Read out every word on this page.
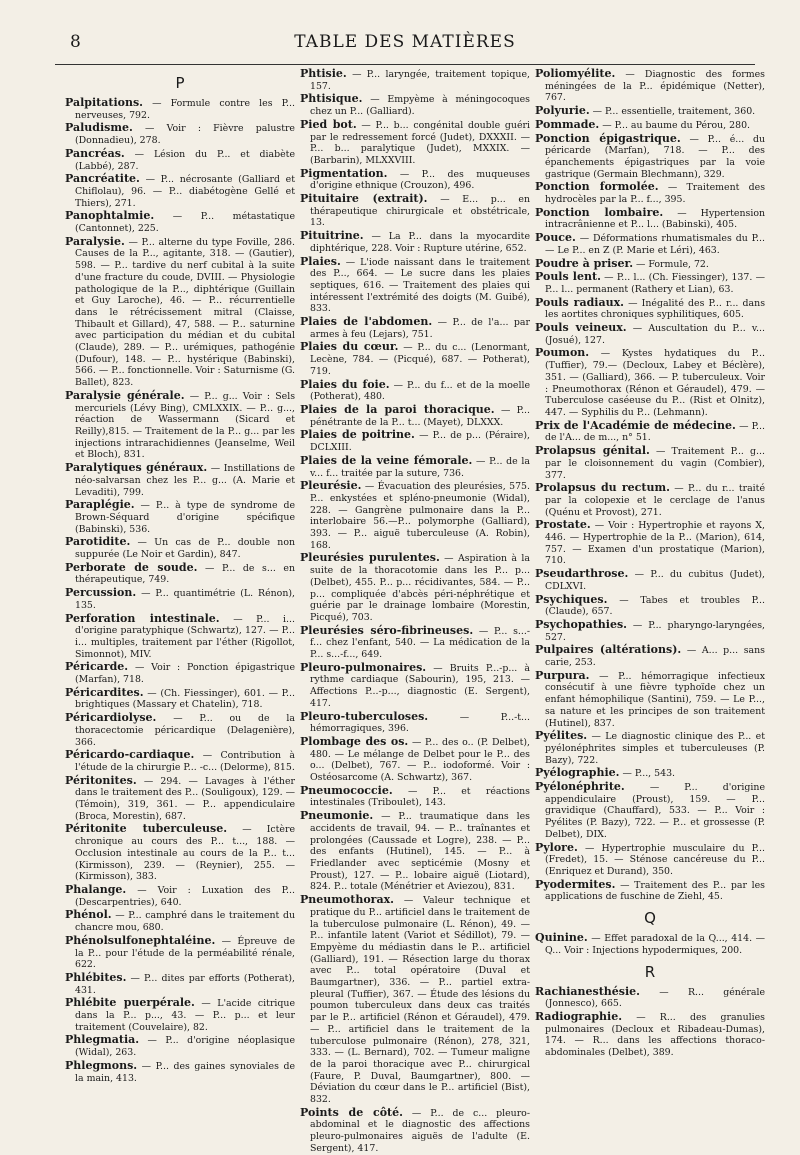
8	TABLE DES MATIÈRES
P

Palpitations. — Formule contre les P... nerveuses, 792.

Paludisme. — Voir : Fièvre palustre (Donnadieu), 278.

Pancréas. — Lésion du P... et diabète (Labbé), 287.

Pancréatite. — P... nécrosante (Galliard et Chiflolau), 96. — P... diabétogène Gellé et Thiers), 271.

Panophtalmie. — P... métastatique (Cantonnet), 225.

Paralysie. — P... alterne du type Foville, 286. Causes de la P..., agitante, 318. — (Gautier), 598. — P... tardive du nerf cubital à la suite d'une fracture du coude, DVIII. — Physiologie pathologique de la P..., diphtérique (Guillain et Guy Laroche), 46. — P... récurrentielle dans le rétrécissement mitral (Claisse, Thibault et Gillard), 47, 588. — P... saturnine avec participation du médian et du cubital (Claude), 289. — P... urémiques, pathogénie (Dufour), 148. — P... hystérique (Babinski), 566. — P... fonctionnelle. Voir : Saturnisme (G. Ballet), 823.

Paralysie générale. — P... g... Voir : Sels mercuriels (Lévy Bing), CMLXXIX. — P... g..., réaction de Wassermann (Sicard et Reilly),815. — Traitement de la P... g... par les injections intrarachidiennes (Jeanselme, Weil et Bloch), 831.

Paralytiques généraux. — Instillations de néo-salvarsan chez les P... g... (A. Marie et Levaditi), 799.

Paraplégie. — P... à type de syndrome de Brown-Séquard d'origine spécifique (Babinski), 536.

Parotidite. — Un cas de P... double non suppurée (Le Noir et Gardin), 847.

Perborate de soude. — P... de s... en thérapeutique, 749.

Percussion. — P... quantimétrie (L. Rénon), 135.

Perforation intestinale. — P... i... d'origine paratyphique (Schwartz), 127. — P... i... multiples, traitement par l'éther (Rigollot, Simonnot), MIV.

Péricarde. — Voir : Ponction épigastrique (Marfan), 718.

Péricardites. — (Ch. Fiessinger), 601. — P... brightiques (Massary et Chatelin), 718.

Péricardiolyse. — P... ou de la thoracectomie péricardique (Delagenière), 366.

Péricardo-cardiaque. — Contribution à l'étude de la chirurgie P... -c... (Delorme), 815.

Péritonites. — 294. — Lavages à l'éther dans le traitement des P... (Souligoux), 129. — (Témoin), 319, 361. — P... appendiculaire (Broca, Morestin), 687.

Péritonite tuberculeuse. — Ictère chronique au cours des P... t..., 188. — Occlusion intestinale au cours de la P... t... (Kirmisson), 239. — (Reynier), 255. — (Kirmisson), 383.

Phalange. — Voir : Luxation des P... (Descarpentries), 640.

Phénol. — P... camphré dans le traitement du chancre mou, 680.

Phénolsulfonephtaléine. — Épreuve de la P... pour l'étude de la perméabilité rénale, 622.

Phlébites. — P... dites par efforts (Potherat), 431.

Phlébite puerpérale. — L'acide citrique dans la P... p..., 43. — P... p... et leur traitement (Couvelaire), 82.

Phlegmatia. — P... d'origine néoplasique (Widal), 263.

Phlegmons. — P... des gaines synoviales de la main, 413.

Phtisie. — P... laryngée, traitement topique, 157.

Phtisique. — Empyème à méningocoques chez un P... (Galliard).

Pied bot. — P... b... congénital double guéri par le redressement forcé (Judet), DXXXII. — P... b... paralytique (Judet), MXXIX. — (Barbarin), MLXXVIII.

Pigmentation. — P... des muqueuses d'origine ethnique (Crouzon), 496.

Pituitaire (extrait). — E... p... en thérapeutique chirurgicale et obstétricale, 13.

Pituitrine. — La P... dans la myocardite diphtérique, 228. Voir : Rupture utérine, 652.

Plaies. — L'iode naissant dans le traitement des P..., 664. — Le sucre dans les plaies septiques, 616. — Traitement des plaies qui intéressent l'extrémité des doigts (M. Guibé), 833.

Plaies de l'abdomen. — P... de l'a... par armes à feu (Lejars), 751.

Plaies du cœur. — P... du c... (Lenormant, Lecène, 784. — (Picqué), 687. — Potherat), 719.

Plaies du foie. — P... du f... et de la moelle (Potherat), 480.

Plaies de la paroi thoracique. — P... pénétrante de la P... t... (Mayet), DLXXX.

Plaies de poitrine. — P... de p... (Péraire), DCLXIII.

Plaies de la veine fémorale. — P... de la v... f... traitée par la suture, 736.

Pleurésie. — Évacuation des pleurésies, 575. P... enkystées et spléno-pneumonie (Widal), 228. — Gangrène pulmonaire dans la P... interlobaire 56.—P... polymorphe (Galliard), 393. — P... aiguë tuberculeuse (A. Robin), 168.

Pleurésies purulentes. — Aspiration à la suite de la thoracotomie dans les P... p... (Delbet), 455. P... p... récidivantes, 584. — P... p... compliquée d'abcès péri-néphrétique et guérie par le drainage lombaire (Morestin, Picqué), 703.

Pleurésies séro-fibrineuses. — P... s...-f... chez l'enfant, 540. — La médication de la P... s...-f..., 649.

Pleuro-pulmonaires. — Bruits P...-p... à rythme cardiaque (Sabourin), 195, 213. — Affections P...-p..., diagnostic (E. Sergent), 417.

Pleuro-tuberculoses. — P...-t... hémorragiques, 396.

Plombage des os. — P... des o.. (P. Delbet), 480. — Le mélange de Delbet pour le P... des o... (Delbet), 767. — P... iodoformé. Voir : Ostéosarcome (A. Schwartz), 367.

Pneumococcie. — P... et réactions intestinales (Triboulet), 143.

Pneumonie. — P... traumatique dans les accidents de travail, 94. — P... traînantes et prolongées (Caussade et Logre), 238. — P... des enfants (Hutinel), 145. — P... à Friedlander avec septicémie (Mosny et Proust), 127. — P... lobaire aiguë (Liotard), 824. P... totale (Ménétrier et Aviezou), 831.

Pneumothorax. — Valeur technique et pratique du P... artificiel dans le traitement de la tuberculose pulmonaire (L. Rénon), 49. — P... infantile latent (Variot et Sédillot), 79. — Empyème du médiastin dans le P... artificiel (Galliard), 191. — Résection large du thorax avec P... total opératoire (Duval et Baumgartner), 336. — P... partiel extra-pleural (Tuffier), 367. — Étude des lésions du poumon tuberculeux dans deux cas traités par le P... artificiel (Rénon et Géraudel), 479. — P... artificiel dans le traitement de la tuberculose pulmonaire (Rénon), 278, 321, 333. — (L. Bernard), 702. — Tumeur maligne de la paroi thoracique avec P... chirurgical (Faure, P. Duval, Baumgartner), 800. — Déviation du cœur dans le P... artificiel (Bist), 832.

Points de côté. — P... de c... pleuro-abdominal et le diagnostic des affections pleuro-pulmonaires aiguës de l'adulte (E. Sergent), 417.

Poliomyélite. — Diagnostic des formes méningées de la P... épidémique (Netter), 767.

Polyurie. — P... essentielle, traitement, 360.

Pommade. — P... au baume du Pérou, 280.

Ponction épigastrique. — P... é... du péricarde (Marfan), 718. — P... des épanchements épigastriques par la voie gastrique (Germain Blechmann), 329.

Ponction formolée. — Traitement des hydrocèles par la P... f..., 395.

Ponction lombaire. — Hypertension intracrânienne et P... l... (Babinski), 405.

Pouce. — Déformations rhumatismales du P... — Le P... en Z (P. Marie et Léri), 463.

Poudre à priser. — Formule, 72.

Pouls lent. — P... l... (Ch. Fiessinger), 137. — P... l... permanent (Rathery et Lian), 63.

Pouls radiaux. — Inégalité des P... r... dans les aortites chroniques syphilitiques, 605.

Pouls veineux. — Auscultation du P... v... (Josué), 127.

Poumon. — Kystes hydatiques du P... (Tuffier), 79.— (Decloux, Labey et Béclère), 351. — (Galliard), 366. — P. tuberculeux. Voir : Pneumothorax (Rénon et Géraudel), 479. — Tuberculose caséeuse du P... (Rist et Olnitz), 447. — Syphilis du P... (Lehmann).

Prix de l'Académie de médecine. — P... de l'A... de m..., n° 51.

Prolapsus génital. — Traitement P... g... par le cloisonnement du vagin (Combier), 377.

Prolapsus du rectum. — P... du r... traité par la colopexie et le cerclage de l'anus (Quénu et Provost), 271.

Prostate. — Voir : Hypertrophie et rayons X, 446. — Hypertrophie de la P... (Marion), 614, 757. — Examen d'un prostatique (Marion), 710.

Pseudarthrose. — P... du cubitus (Judet), CDLXVI.

Psychiques. — Tabes et troubles P... (Claude), 657.

Psychopathies. — P... pharyngo-laryngées, 527.

Pulpaires (altérations). — A... p... sans carie, 253.

Purpura. — P... hémorragique infectieux consécutif à une fièvre typhoïde chez un enfant hémophilique (Santini), 759. — Le P..., sa nature et les principes de son traitement (Hutinel), 837.

Pyélites. — Le diagnostic clinique des P... et pyélonéphrites simples et tuberculeuses (P. Bazy), 722.

Pyélographie. — P..., 543.

Pyélonéphrite. — P... d'origine appendiculaire (Proust), 159. — P... gravidique (Chauffard), 533. — P... Voir : Pyélites (P. Bazy), 722. — P... et grossesse (P. Delbet), DIX.

Pylore. — Hypertrophie musculaire du P... (Fredet), 15. — Sténose cancéreuse du P... (Enriquez et Durand), 350.

Pyodermites. — Traitement des P... par les applications de fuschine de Ziehl, 45.

Q

Quinine. — Effet paradoxal de la Q..., 414. — Q... Voir : Injections hypodermiques, 200.

R

Rachianesthésie. — R... générale (Jonnesco), 665.

Radiographie. — R... des granulies pulmonaires (Decloux et Ribadeau-Dumas), 174. — R... dans les affections thoraco-abdominales (Delbet), 389.
